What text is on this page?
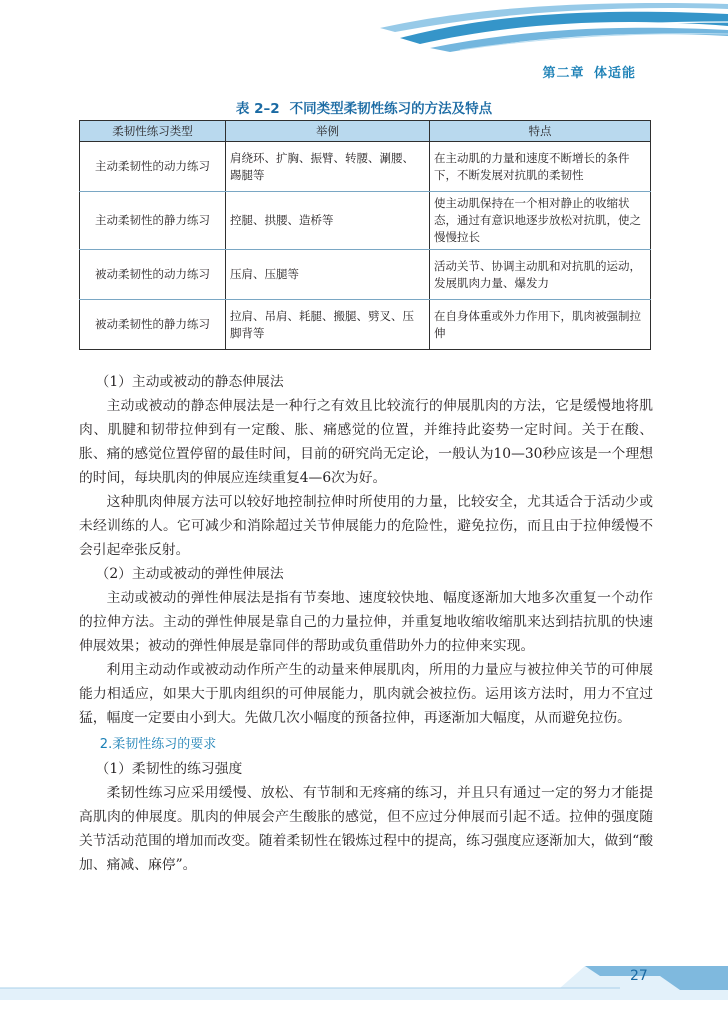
第二章 体适能
表 2–2 不同类型柔韧性练习的方法及特点
柔韧性练习类型	举例	特点
主动柔韧性的动力练习	肩绕环、扩胸、振臂、转腰、涮腰、踢腿等	在主动肌的力量和速度不断增长的条件下，不断发展对抗肌的柔韧性
主动柔韧性的静力练习	控腿、拱腰、造桥等	使主动肌保持在一个相对静止的收缩状态，通过有意识地逐步放松对抗肌，使之慢慢拉长
被动柔韧性的动力练习	压肩、压腿等	活动关节、协调主动肌和对抗肌的运动，发展肌肉力量、爆发力
被动柔韧性的静力练习	拉肩、吊肩、耗腿、搬腿、劈叉、压脚背等	在自身体重或外力作用下，肌肉被强制拉伸

（1）主动或被动的静态伸展法

主动或被动的静态伸展法是一种行之有效且比较流行的伸展肌肉的方法，它是缓慢地将肌肉、肌腱和韧带拉伸到有一定酸、胀、痛感觉的位置，并维持此姿势一定时间。关于在酸、胀、痛的感觉位置停留的最佳时间，目前的研究尚无定论，一般认为10—30秒应该是一个理想的时间，每块肌肉的伸展应连续重复4—6次为好。

这种肌肉伸展方法可以较好地控制拉伸时所使用的力量，比较安全，尤其适合于活动少或未经训练的人。它可减少和消除超过关节伸展能力的危险性，避免拉伤，而且由于拉伸缓慢不会引起牵张反射。

（2）主动或被动的弹性伸展法

主动或被动的弹性伸展法是指有节奏地、速度较快地、幅度逐渐加大地多次重复一个动作的拉伸方法。主动的弹性伸展是靠自己的力量拉伸，并重复地收缩收缩肌来达到拮抗肌的快速伸展效果；被动的弹性伸展是靠同伴的帮助或负重借助外力的拉伸来实现。

利用主动动作或被动动作所产生的动量来伸展肌肉，所用的力量应与被拉伸关节的可伸展能力相适应，如果大于肌肉组织的可伸展能力，肌肉就会被拉伤。运用该方法时，用力不宜过猛，幅度一定要由小到大。先做几次小幅度的预备拉伸，再逐渐加大幅度，从而避免拉伤。

2.柔韧性练习的要求

（1）柔韧性的练习强度

柔韧性练习应采用缓慢、放松、有节制和无疼痛的练习，并且只有通过一定的努力才能提高肌肉的伸展度。肌肉的伸展会产生酸胀的感觉，但不应过分伸展而引起不适。拉伸的强度随关节活动范围的增加而改变。随着柔韧性在锻炼过程中的提高，练习强度应逐渐加大，做到“酸加、痛减、麻停”。

27
